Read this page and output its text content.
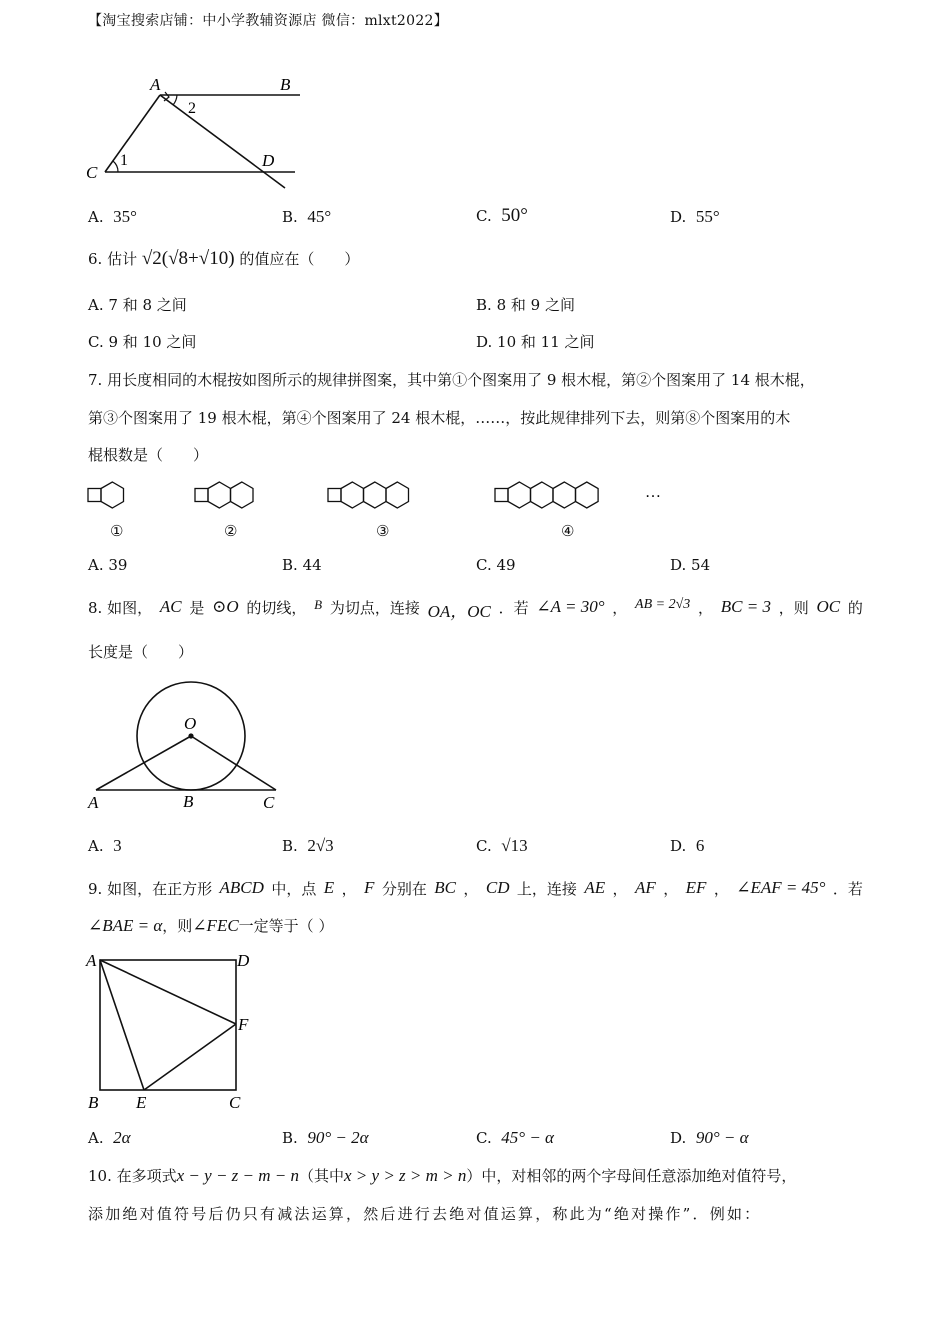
【淘宝搜索店铺：中小学教辅资源店 微信：mlxt2022】
A	B
C
D
2
1
A. 35°	B. 45°	C. 50°	D. 55°
6. 估计 √2(√8+√10) 的值应在（　　）
A. 7 和 8 之间	B. 8 和 9 之间
C. 9 和 10 之间	D. 10 和 11 之间
7. 用长度相同的木棍按如图所示的规律拼图案，其中第①个图案用了 9 根木棍，第②个图案用了 14 根木棍，
第③个图案用了 19 根木棍，第④个图案用了 24 根木棍，……，按此规律排列下去，则第⑧个图案用的木
棍根数是（　　）
…
①	②	③	④
A. 39	B. 44	C. 49	D. 54
8. 如图， AC 是 ⊙O 的切线， B 为切点，连接 OA，OC ．若 ∠A = 30° ， AB = 2√3 ， BC = 3 ，则 OC 的
长度是（　　）
O
A	B	C
A. 3	B. 2√3	C. √13	D. 6
9. 如图，在正方形 ABCD 中，点 E ， F 分别在 BC ， CD 上，连接 AE ， AF ， EF ， ∠EAF = 45° ．若
∠BAE = α，则∠FEC一定等于（ ）
A	D
F
B E	C
A. 2α	B. 90° − 2α	C. 45° − α	D. 90° − α
10. 在多项式x − y − z − m − n（其中x > y > z > m > n）中，对相邻的两个字母间任意添加绝对值符号，
添加绝对值符号后仍只有减法运算，然后进行去绝对值运算，称此为“绝对操作”．例如：
